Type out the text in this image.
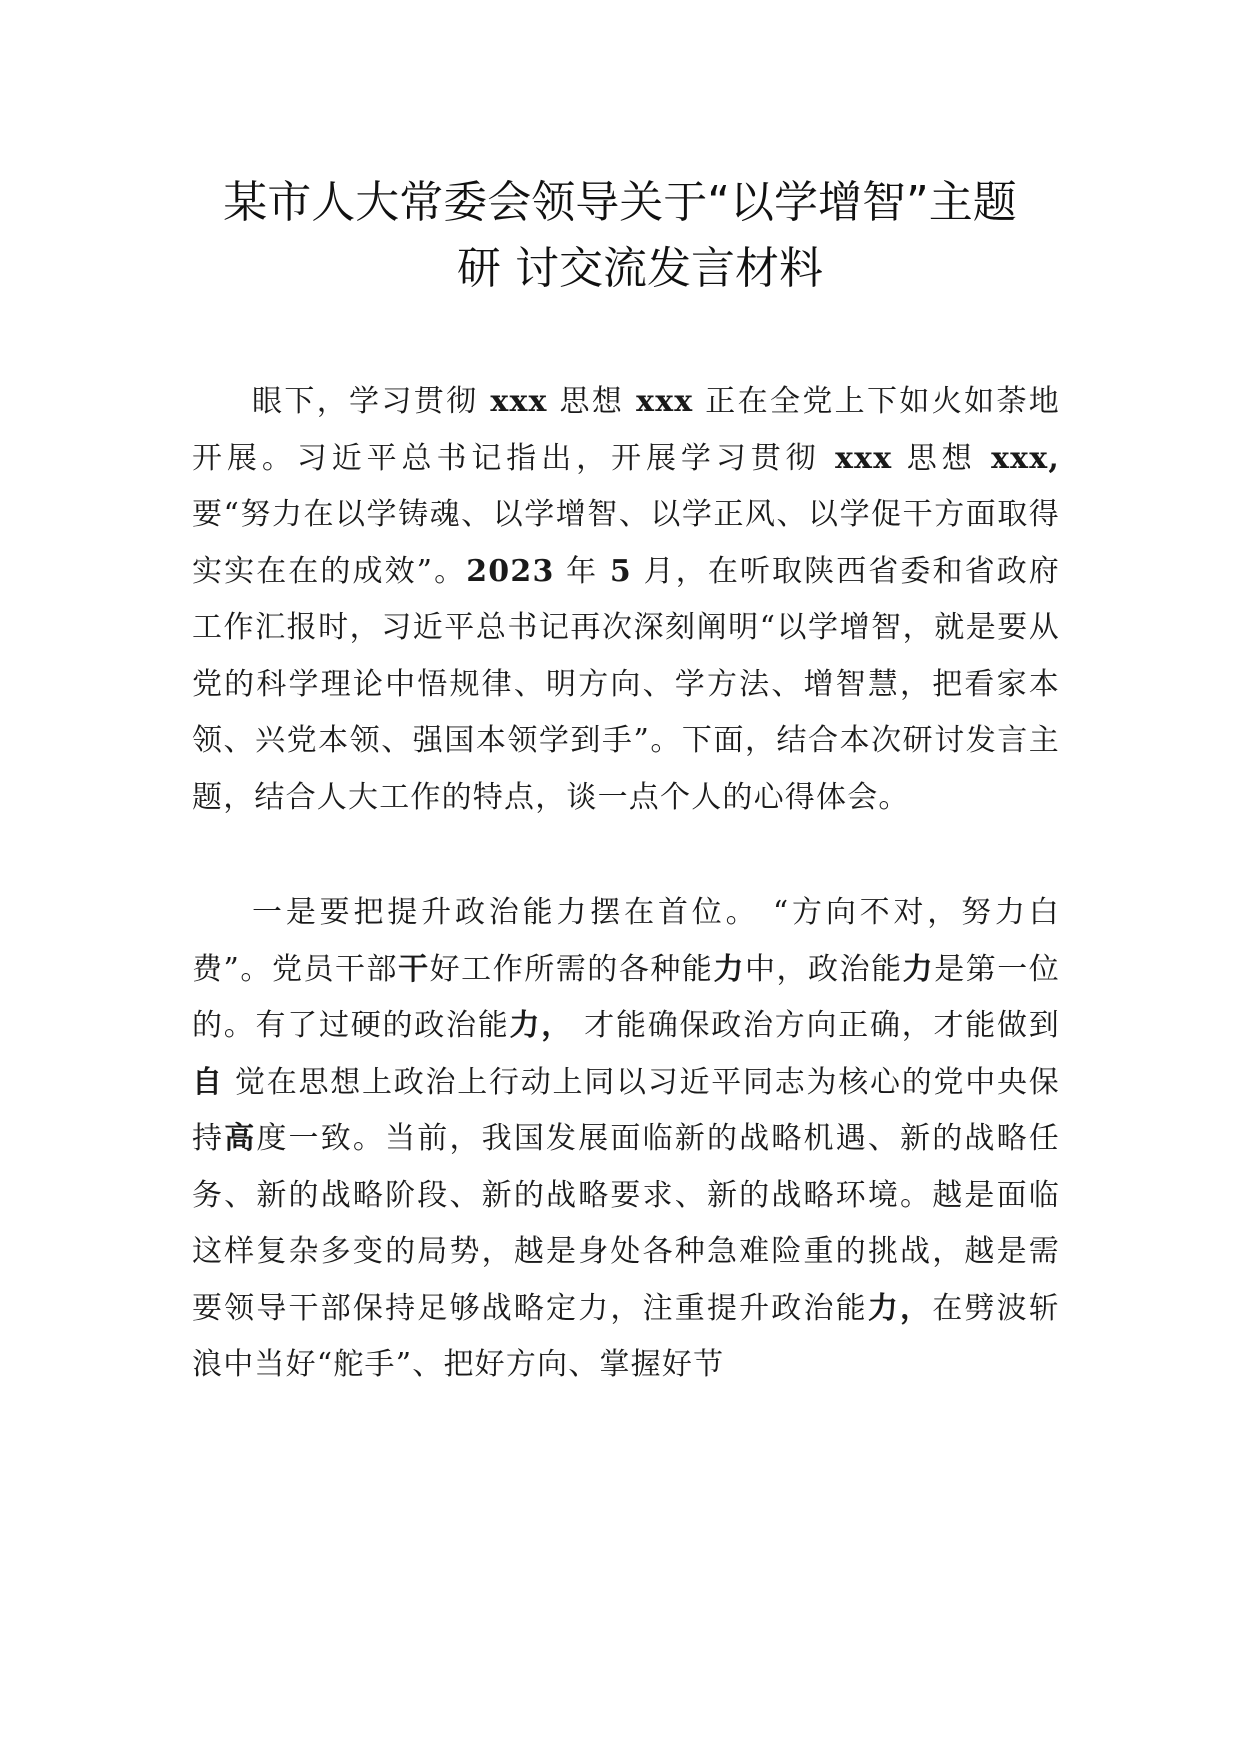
某市人大常委会领导关于“以学增智”主题
研 讨交流发言材料

眼下，学习贯彻 xxx 思想 xxx 正在全党上下如火如荼地开展。习近平总书记指出，开展学习贯彻 xxx 思想 xxx, 要“努力在以学铸魂、以学增智、以学正风、以学促干方面取得实实在在的成效”。2023 年 5 月，在听取陕西省委和省政府工作汇报时，习近平总书记再次深刻阐明“以学增智，就是要从党的科学理论中悟规律、明方向、学方法、增智慧，把看家本领、兴党本领、强国本领学到手”。下面，结合本次研讨发言主题，结合人大工作的特点，谈一点个人的心得体会。

一是要把提升政治能力摆在首位。 “方向不对，努力白费”。党员干部干好工作所需的各种能力中，政治能力是第一位的。有了过硬的政治能力， 才能确保政治方向正确，才能做到自 觉在思想上政治上行动上同以习近平同志为核心的党中央保持高度一致。当前，我国发展面临新的战略机遇、新的战略任务、新的战略阶段、新的战略要求、新的战略环境。越是面临这样复杂多变的局势，越是身处各种急难险重的挑战，越是需要领导干部保持足够战略定力，注重提升政治能力，在劈波斩浪中当好“舵手”、把好方向、掌握好节
